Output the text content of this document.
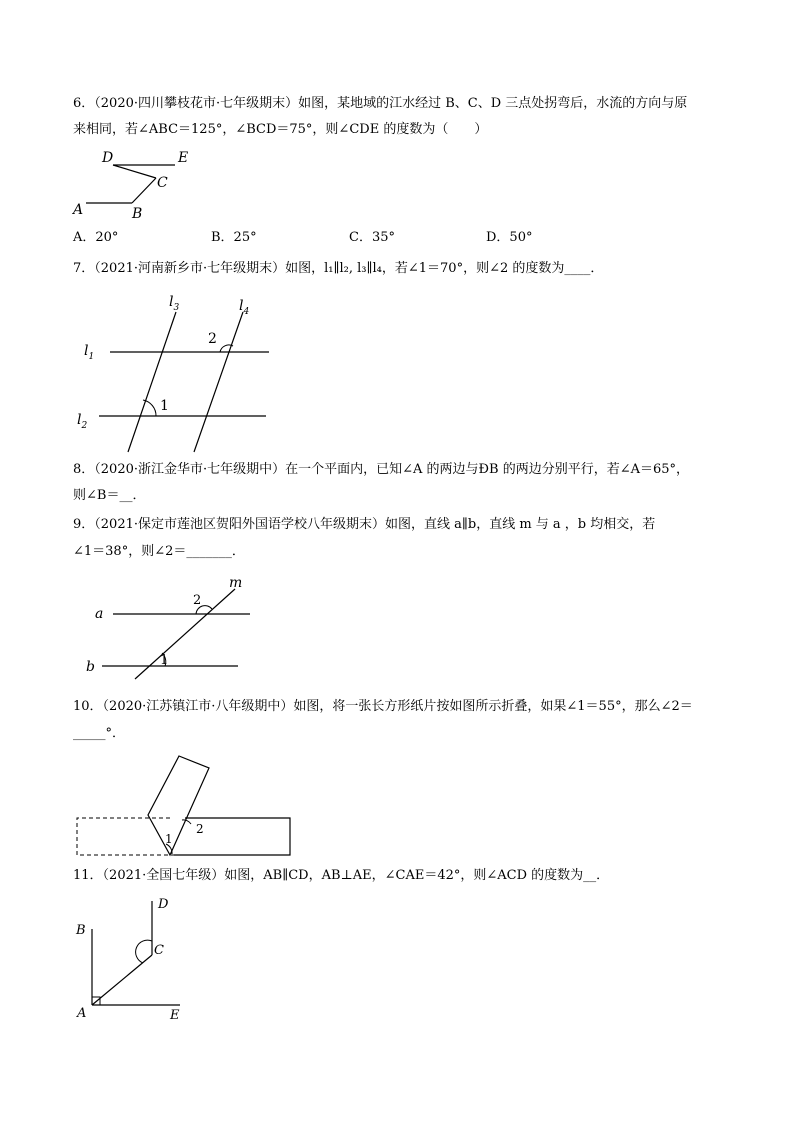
6．（2020·四川攀枝花市·七年级期末）如图，某地域的江水经过 B、C、D 三点处拐弯后，水流的方向与原
来相同，若∠ABC＝125°，∠BCD＝75°，则∠CDE 的度数为（　　）
D	E
C
A	B
A．20°	B．25°	C．35°	D．50°
7．（2021·河南新乡市·七年级期末）如图，l₁∥l₂, l₃∥l₄，若∠1＝70°，则∠2 的度数为____．
$l_1$
$l_2$
$l_3$	$l_4$
1
2
8．（2020·浙江金华市·七年级期中）在一个平面内，已知∠A 的两边与ÐB 的两边分别平行，若∠A＝65°，
则∠B＝__．
9．（2021·保定市莲池区贺阳外国语学校八年级期末）如图，直线 a∥b，直线 m 与 a ，b 均相交，若
∠1＝38°，则∠2＝_______．
a
b
m
2
1
10．（2020·江苏镇江市·八年级期中）如图，将一张长方形纸片按如图所示折叠，如果∠1＝55°，那么∠2＝
_____°．
1
2
11．（2021·全国七年级）如图，AB∥CD，AB⊥AE，∠CAE＝42°，则∠ACD 的度数为__．
B
D
C
A	E
